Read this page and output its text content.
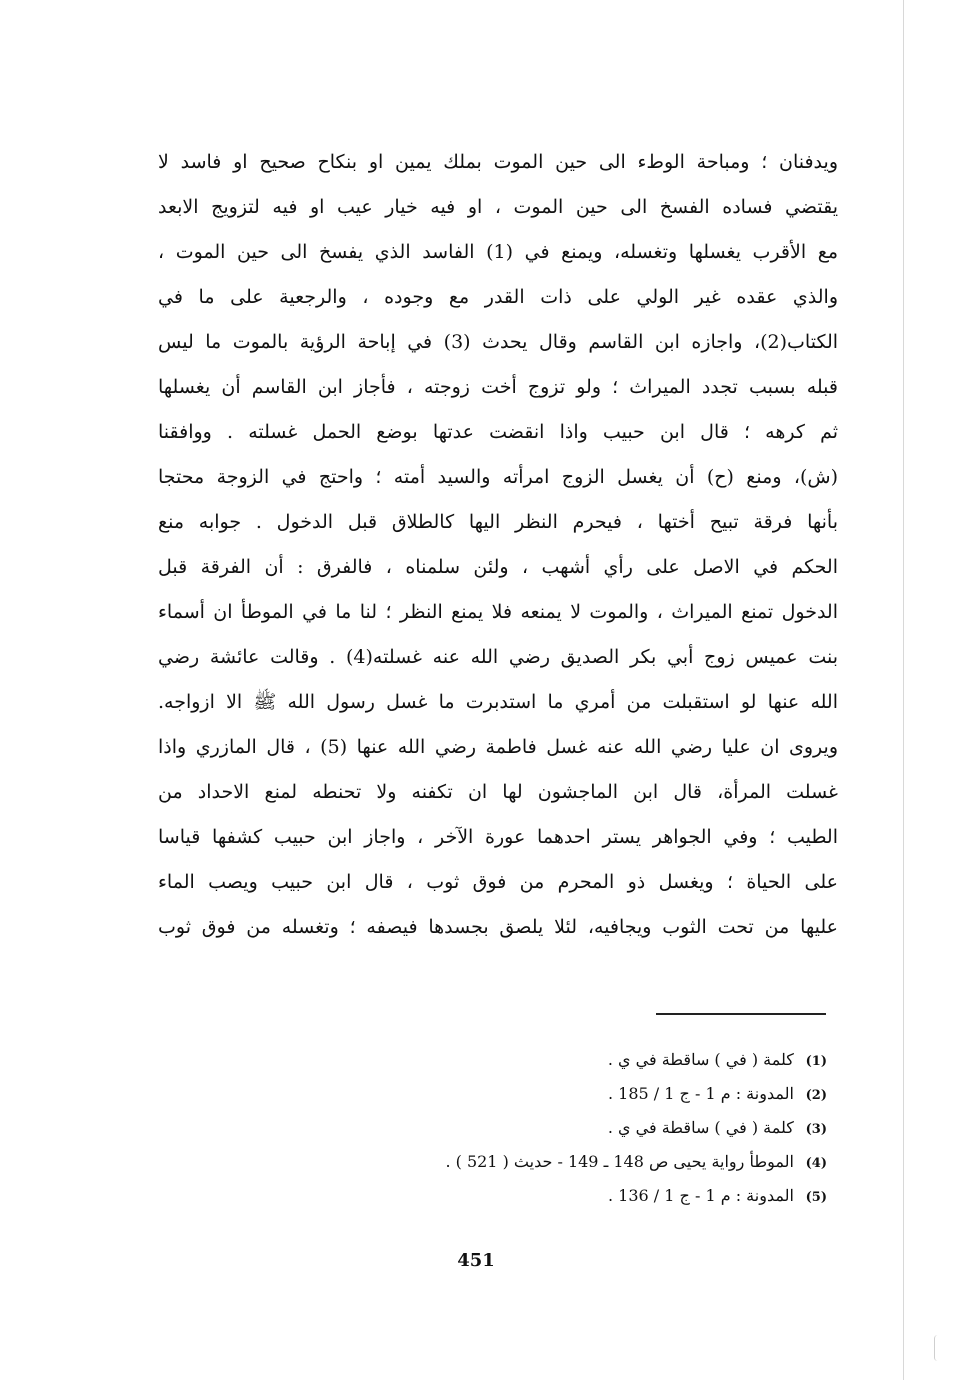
ويدفنان ؛ ومباحة الوطء الى حين الموت بملك يمين او بنكاح صحيح او فاسد لا
يقتضي فساده الفسخ الى حين الموت ، او فيه خيار عيب او فيه لتزويج الابعد
مع الأقرب يغسلها وتغسله، ويمنع في (1) الفاسد الذي يفسخ الى حين الموت ،
والذي عقده غير الولي على ذات القدر مع وجوده ، والرجعية على ما في
الكتاب(2)، واجازه ابن القاسم وقال يحدث (3) في إباحة الرؤية بالموت ما ليس
قبله بسبب تجدد الميراث ؛ ولو تزوج أخت زوجته ، فأجاز ابن القاسم أن يغسلها
ثم كرهه ؛ قال ابن حبيب واذا انقضت عدتها بوضع الحمل غسلته . ووافقنا
(ش)، ومنع (ح) أن يغسل الزوج امرأته والسيد أمته ؛ واحتج في الزوجة محتجا
بأنها فرقة تبيح أختها ، فيحرم النظر اليها كالطلاق قبل الدخول . جوابه منع
الحكم في الاصل على رأي أشهب ، ولئن سلمناه ، فالفرق : أن الفرقة قبل
الدخول تمنع الميراث ، والموت لا يمنعه فلا يمنع النظر ؛ لنا ما في الموطأ ان أسماء
بنت عميس زوج أبي بكر الصديق رضي الله عنه غسلته(4) . وقالت عائشة رضي
الله عنها لو استقبلت من أمري ما استدبرت ما غسل رسول الله ﷺ الا ازواجه.
ويروى ان عليا رضي الله عنه غسل فاطمة رضي الله عنها (5) ، قال المازري واذا
غسلت المرأة، قال ابن الماجشون لها ان تكفنه ولا تحنطه لمنع الاحداد من
الطيب ؛ وفي الجواهر يستر احدهما عورة الآخر ، واجاز ابن حبيب كشفها قياسا
على الحياة ؛ ويغسل ذو المحرم من فوق ثوب ، قال ابن حبيب ويصب الماء
عليها من تحت الثوب ويجافيه، لئلا يلصق بجسدها فيصفه ؛ وتغسله من فوق ثوب
(1) كلمة ( في ) ساقطة في ي .
(2) المدونة : م 1 - ج 1 / 185 .
(3) كلمة ( في ) ساقطة في ي .
(4) الموطأ رواية يحيى ص 148 ـ 149 - حديث ( 521 ) .
(5) المدونة : م 1 - ج 1 / 136 .
451
